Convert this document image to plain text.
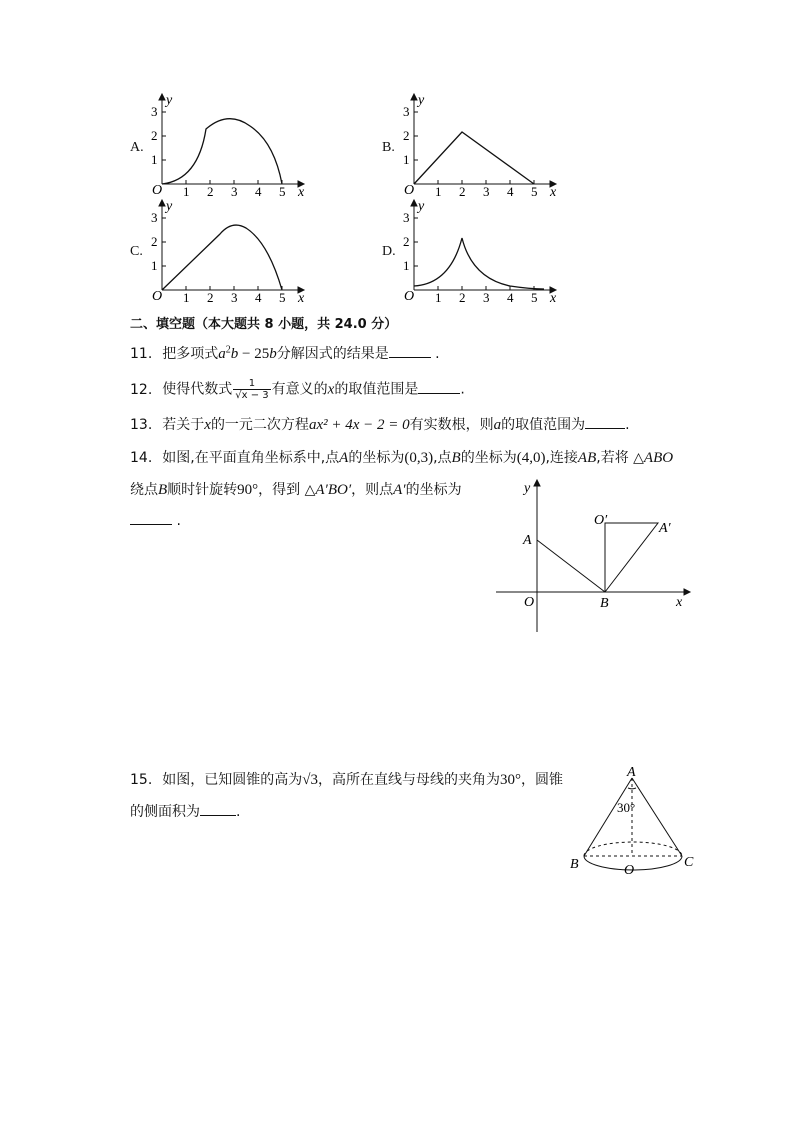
A.
1 2 3 4 5
1
2
3
O	x
y
B.
1 2 3 4 5
1
2
3
O	x
y
C.
1 2 3 4 5
1
2
3
O	x
y
D.
1 2 3 4 5
1
2
3
O	x
y
二、填空题（本大题共 8 小题，共 24.0 分）
11. 把多项式$a^2b - 25b$分解因式的结果是	.
12. 使得代数式 $\frac{1}{√x - 3}$ 有意义的x的取值范围是	.
13. 若关于x的一元二次方程ax² + 4x − 2 = 0有实数根，则a的取值范围为	.
14. 如图,在平面直角坐标系中,点A的坐标为(0,3),点B的坐标为(4,0),连接AB,若将 △ABO
绕点B顺时针旋转90°，得到 △A′BO′，则点A′的坐标为
.
y
x
O
A
B
O′
A′
15. 如图，已知圆锥的高为√3，高所在直线与母线的夹角为30°，圆锥
的侧面积为	.
A
B	C
O
30°
